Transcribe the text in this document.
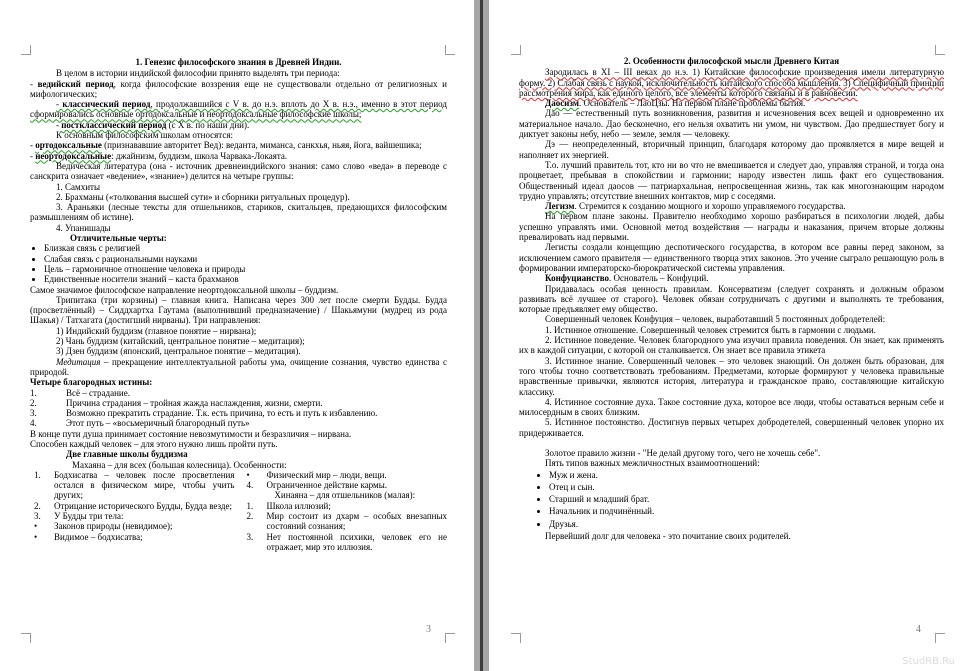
3

1. Генезис философского знания в Древней Индии.

В целом в истории индийской философии принято выделять три периода:

- ведийский период, когда философские воззрения еще не существовали отдельно от религиозных и мифологических;

- классический период, продолжавшийся с V в. до н.э. вплоть до X в. н.э., именно в этот период сформировались основные ортодоксальные и неортодоксальные философские школы;

- постклассический период (с X в. по наши дни).

К основным философским школам относятся:

- ортодоксальные (признававшие авторитет Вед): веданта, миманса, санкхья, ньяя, йога, вайшешика;

- неортодоксальные: джайнизм, буддизм, школа Чарвака-Локаята.

Ведическая литература (она - источник древнеиндийского знания: само слово «веда» в переводе с санскрита означает «ведение», «знание») делится на четыре группы:

1. Самхиты

2. Брахманы («толкования высшей сути» и сборники ритуальных процедур).

3. Араньяки (лесные тексты для отшельников, стариков, скитальцев, предающихся философским размышлениям об истине).

4. Упанишады

Отличительные черты:

• Близкая связь с религией
• Слабая связь с рациональными науками
• Цель – гармоничное отношение человека и природы
• Единственные носители знаний – каста брахманов

Самое значимое философское направление неортодоксальной школы – буддизм.

Трипитака (три корзины) – главная книга. Написана через 300 лет после смерти Будды. Будда (просветлённый) – Сиддхартха Гаутама (выполнивший предназначение) / Шакьямуни (мудрец из рода Шакья) / Татхагата (достигший нирваны). Три направления:

1) Индийский буддизм (главное понятие – нирвана);

2) Чань буддизм (китайский, центральное понятие – медитация);

3) Дзен буддизм (японский, центральное понятие – медитация).

Медитация – прекращение интеллектуальной работы ума, очищение сознания, чувство единства с природой.

Четыре благородных истины:

1.	Всё – страдание.
2.	Причина страдания – тройная жажда наслаждения, жизни, смерти.
3.	Возможно прекратить страдание. Т.к. есть причина, то есть и путь к избавлению.
4.	Этот путь – «восьмеричный благородный путь»

В конце пути душа принимает состояние невозмутимости и безразличия – нирвана.

Способен каждый человек – для этого нужно лишь пройти путь.

Две главные школы буддизма

Махаяна – для всех (большая колесница). Особенности:

1.	Бодхисатва – человек после просветления остался в физическом мире, чтобы учить других;
2.	Отрицание исторического Будды, Будда везде;
3.	У Будды три тела:
•	Законов природы (невидимое);
•	Видимое – бодхисатва;
•	Физический мир – люди, вещи.
4.	Ограниченное действие кармы.

Хинаяна – для отшельников (малая):

1.	Школа иллюзий;
2.	Мир состоит из дхарм – особых внезапных состояний сознания;
3.	Нет постоянной психики, человек его не отражает, мир это иллюзия.
4

2. Особенности философской мысли Древнего Китая

Зародилась в XI – III веках до н.э. 1) Китайские философские произведения имели литературную форму. 2) Слабая связь с наукой, исключительность китайского способа мышления. 3) Специфичный принцип рассмотрения мира, как единого целого, все элементы которого связаны и в равновесии.

Даосизм. Основатель – ЛаоЦзы. На первом плане проблемы бытия.

Дао — естественный путь возникновения, развития и исчезновения всех вещей и одновременно их материальное начало. Дао бесконечно, его нельзя охватить ни умом, ни чувством. Дао предшествует богу и диктует законы небу, небо — земле, земля — человеку.

Дэ — неопределенный, вторичный принцип, благодаря которому дао проявляется в мире вещей и наполняет их энергией.

Т.о. лучший правитель тот, кто ни во что не вмешивается и следует дао, управляя страной, и тогда она процветает, пребывая в спокойствии и гармонии; народу известен лишь факт его существования. Общественный идеал даосов — патриархальная, непросвещенная жизнь, так как многознающим народом трудно управлять; отсутствие внешних контактов, мир с соседями.

Легизм. Стремится к созданию мощного и хорошо управляемого государства.

На первом плане законы. Правителю необходимо хорошо разбираться в психологии людей, дабы успешно управлять ими. Основной метод воздействия — награды и наказания, причем вторые должны превалировать над первыми.

Легисты создали концепцию деспотического государства, в котором все равны перед законом, за исключением самого правителя — единственного творца этих законов. Это учение сыграло решающую роль в формировании императорско-бюрократической системы управления.

Конфуцианство. Основатель – Конфуций.

Придавалась особая ценность правилам. Консерватизм (следует сохранять и должным образом развивать всё лучшее от старого). Человек обязан сотрудничать с другими и выполнять те требования, которые предъявляет ему общество.

Совершенный человек Конфуция – человек, выработавший 5 постоянных добродетелей:

1. Истинное отношение. Совершенный человек стремится быть в гармонии с людьми.

2. Истинное поведение. Человек благородного ума изучил правила поведения. Он знает, как применять их в каждой ситуации, с которой он сталкивается. Он знает все правила этикета

3. Истинное знание. Совершенный человек – это человек знающий. Он должен быть образован, для того чтобы точно соответствовать требованиям. Предметами, которые формируют у человека правильные нравственные привычки, являются история, литература и гражданское право, составляющие китайскую классику.

4. Истинное состояние духа. Такое состояние духа, которое все люди, чтобы оставаться верным себе и милосердным в своих близким.

5. Истинное постоянство. Достигнув первых четырех добродетелей, совершенный человек упорно их придерживается.

Золотое правило жизни - "Не делай другому того, чего не хочешь себе".

Пять типов важных межличностных взаимоотношений:

• Муж и жена.
• Отец и сын.
• Старший и младший брат.
• Начальник и подчинённый.
• Друзья.

Первейший долг для человека - это почитание своих родителей.

StudRB.Ru
